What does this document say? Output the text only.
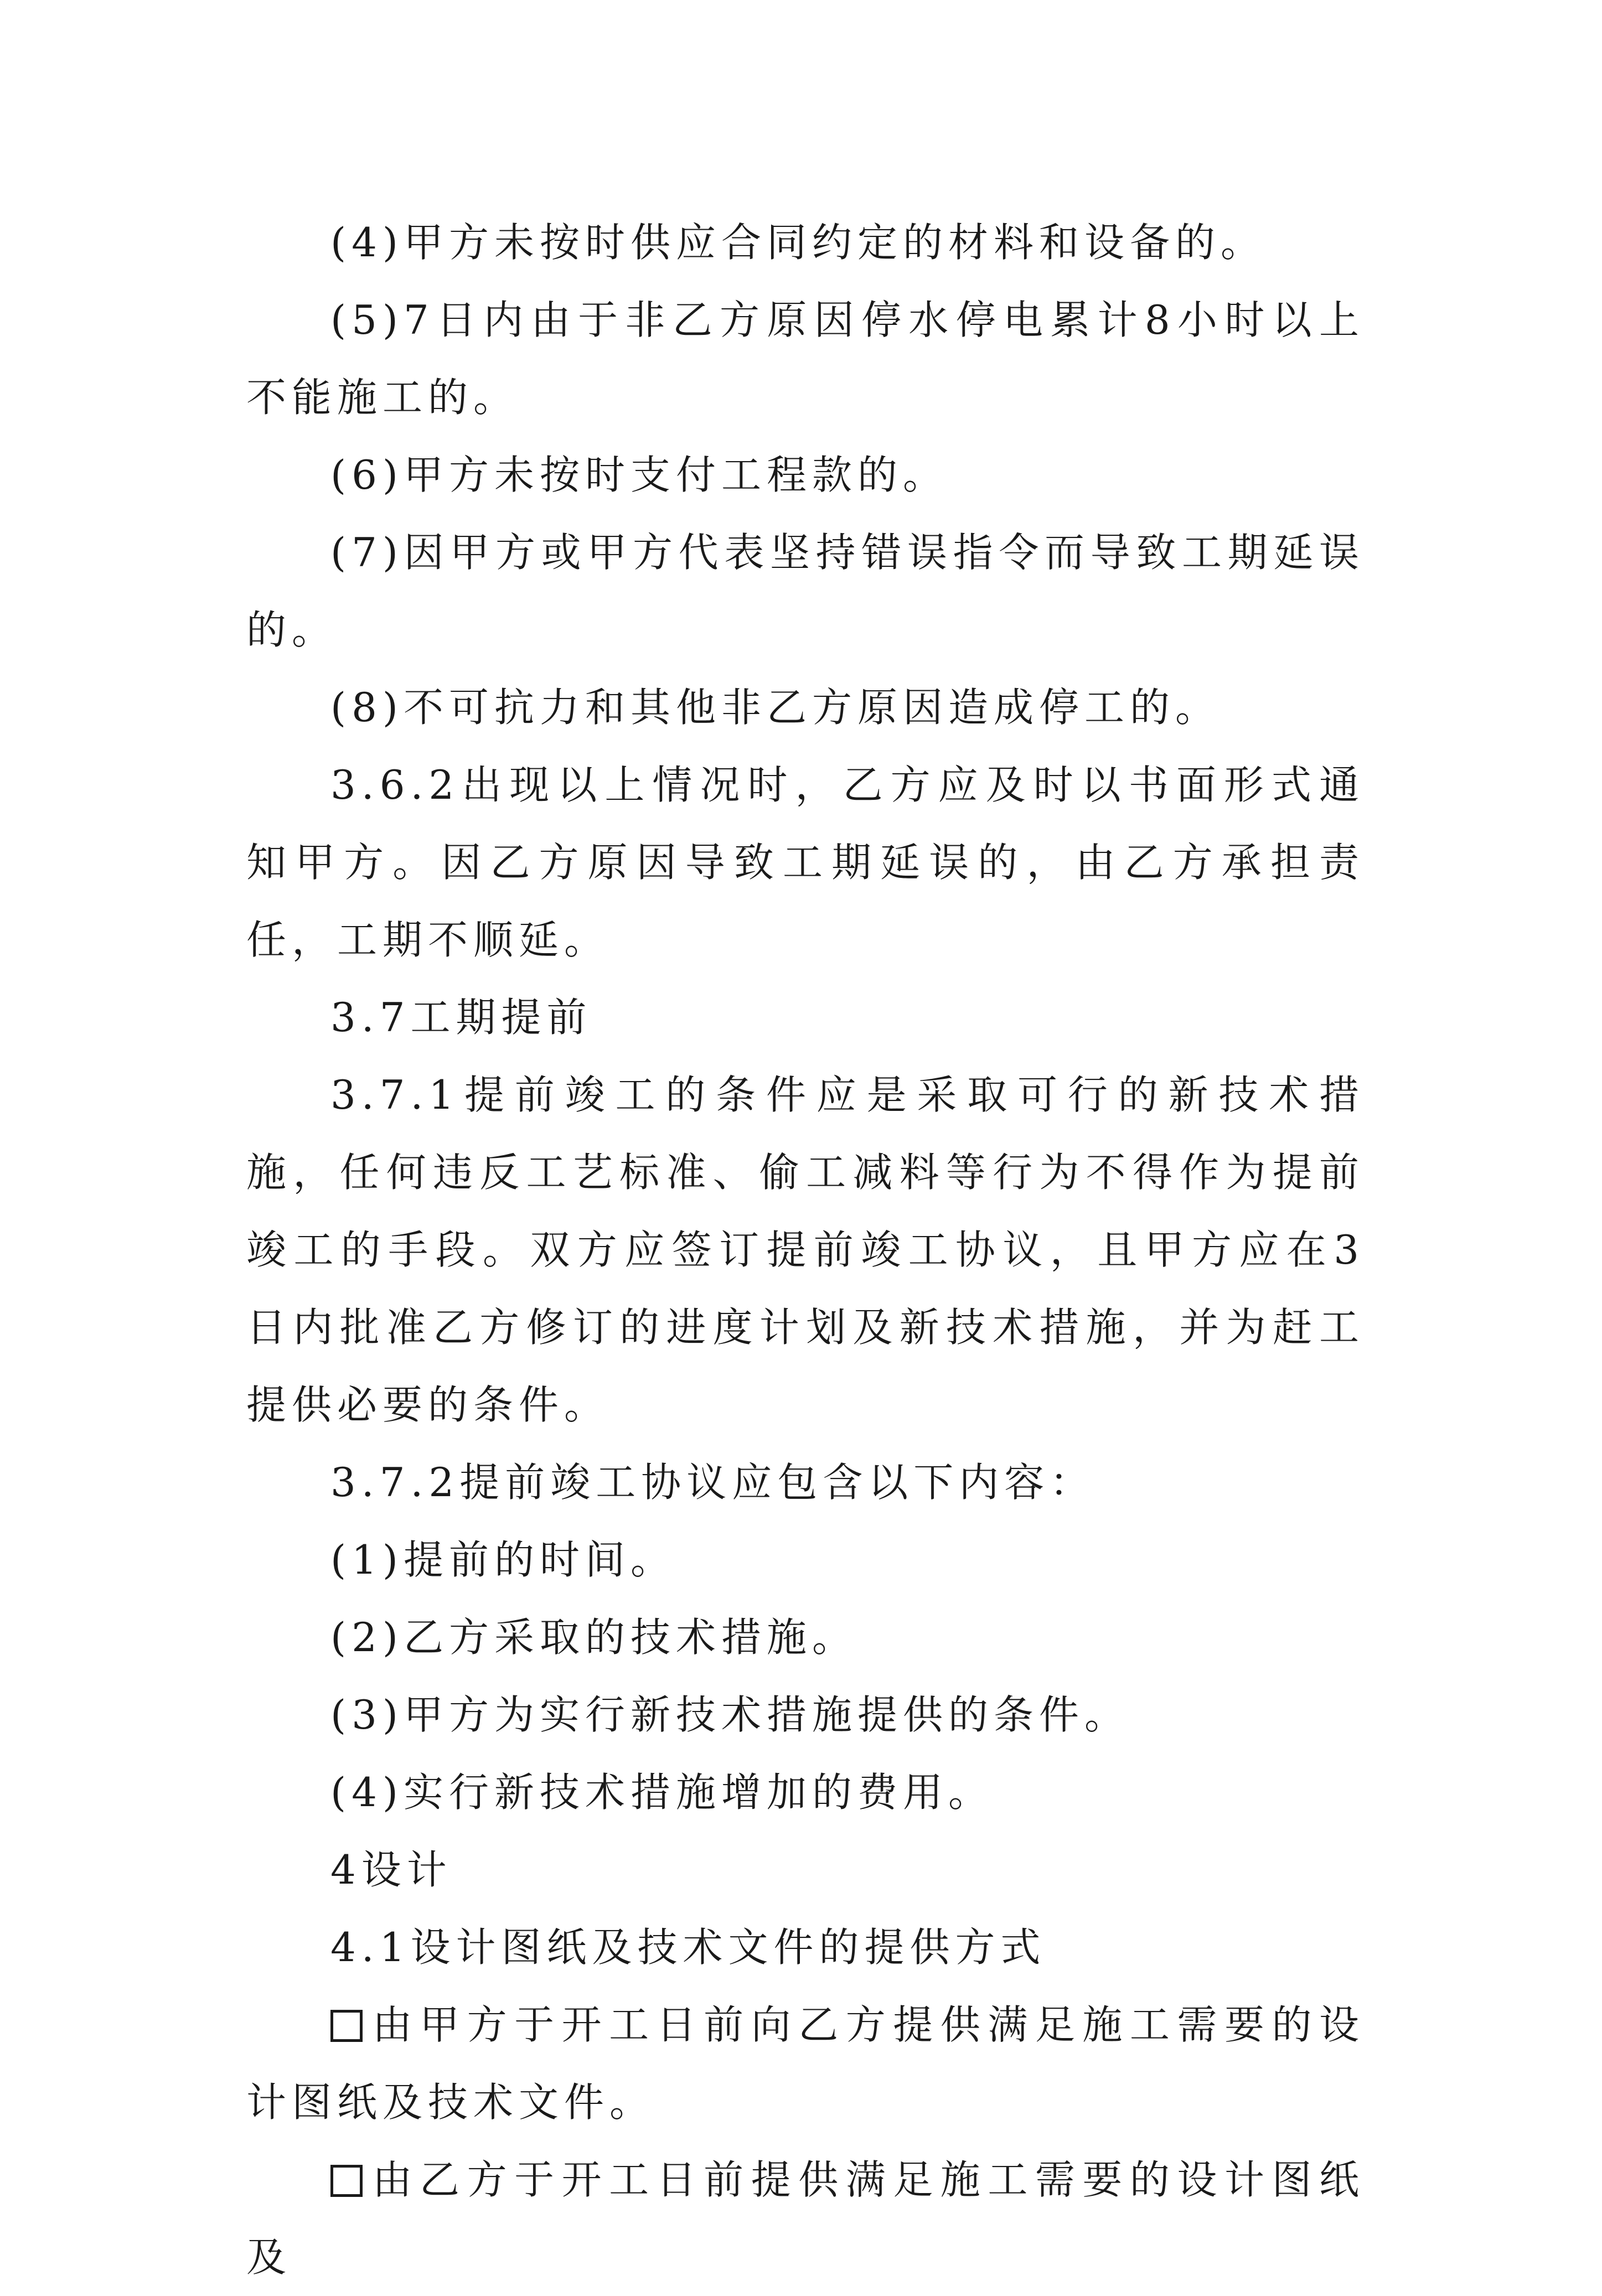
(4)甲方未按时供应合同约定的材料和设备的。

(5)7日内由于非乙方原因停水停电累计8小时以上不能施工的。

(6)甲方未按时支付工程款的。

(7)因甲方或甲方代表坚持错误指令而导致工期延误的。

(8)不可抗力和其他非乙方原因造成停工的。

3.6.2出现以上情况时，乙方应及时以书面形式通知甲方。因乙方原因导致工期延误的，由乙方承担责任，工期不顺延。

3.7工期提前

3.7.1提前竣工的条件应是采取可行的新技术措施，任何违反工艺标准、偷工减料等行为不得作为提前竣工的手段。双方应签订提前竣工协议，且甲方应在3日内批准乙方修订的进度计划及新技术措施，并为赶工提供必要的条件。

3.7.2提前竣工协议应包含以下内容：

(1)提前的时间。

(2)乙方采取的技术措施。

(3)甲方为实行新技术措施提供的条件。

(4)实行新技术措施增加的费用。

4设计

4.1设计图纸及技术文件的提供方式

由甲方于开工日前向乙方提供满足施工需要的设计图纸及技术文件。

由乙方于开工日前提供满足施工需要的设计图纸及
